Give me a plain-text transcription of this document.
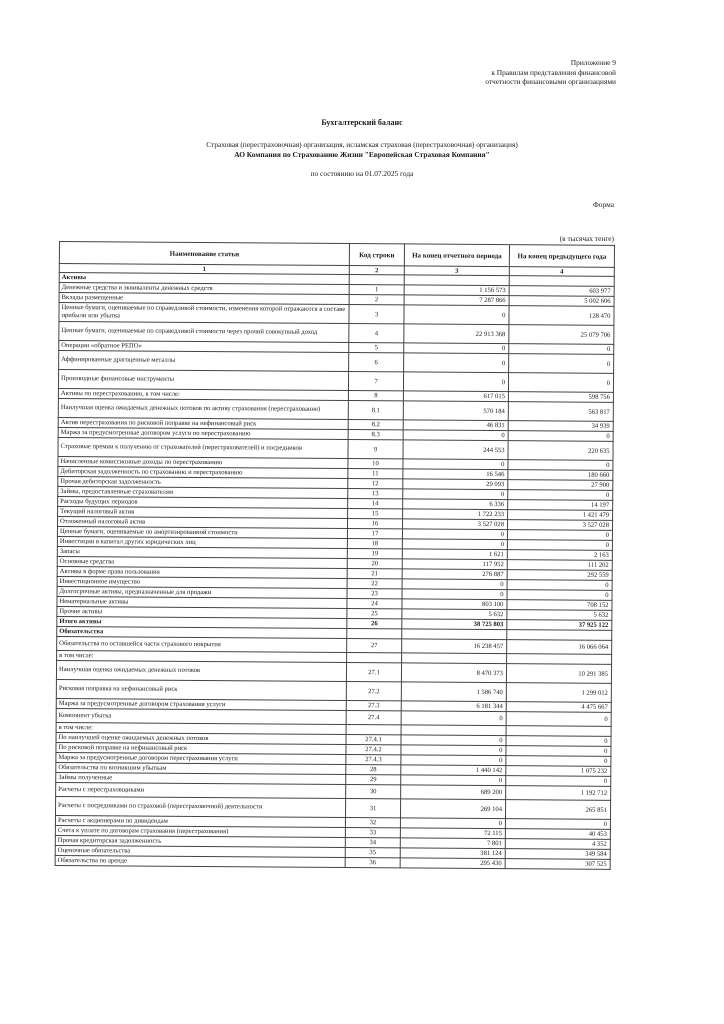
Приложение 9
к Правилам представления финансовой
отчетности финансовыми организациями
Бухгалтерский баланс
Страховая (перестраховочная) организация, исламская страховая (перестраховочная) организация)
АО Компания по Страхованию Жизни "Европейская Страховая Компания"
по состоянию на 01.07.2025 года
Форма
(в тысячах тенге)
Наименование статьи	Код строки	На конец отчетного периода	На конец предыдущего года
1	2	3	4
Активы			
Денежные средства и эквиваленты денежных средств	1	1 156 573	603 977
Вклады размещенные	2	7 287 866	5 002 606
Ценные бумаги, оцениваемые по справедливой стоимости, изменения которой отражаются в составе прибыли или убытка	3	0	128 470
Ценные бумаги, оцениваемые по справедливой стоимости через прочий совокупный доход	4	22 913 368	25 079 706
Операции «обратное РЕПО»	5	0	0
Аффинированные драгоценные металлы	6	0	0
Производные финансовые инструменты	7	0	0
Активы по перестрахованию, в том числе:	8	617 015	598 756
Наилучшая оценка ожидаемых денежных потоков по активу страхования (перестрахования)	8.1	570 184	563 817
Актив перестрахования по рисковой поправке на нефинансовый риск	8.2	46 831	34 939
Маржа за предусмотренные договором услуги по перестрахованию	8.3	0	0
Страховые премии к получению от страхователей (перестрахователей) и посредников	9	244 553	220 635
Начисленные комиссионные доходы по перестрахованию	10	0	0
Дебиторская задолженность по страхованию и перестрахованию	11	16 546	180 660
Прочая дебиторская задолженность	12	29 093	27 900
Займы, предоставленные страхователям	13	0	0
Расходы будущих периодов	14	6 336	14 197
Текущий налоговый актив	15	1 722 233	1 421 479
Отложенный налоговый актив	16	3 527 028	3 527 028
Ценные бумаги, оцениваемые по амортизированной стоимости	17	0	0
Инвестиции в капитал других юридических лиц	18	0	0
Запасы	19	1 621	2 163
Основные средства	20	117 952	111 202
Активы в форме права пользования	21	276 887	292 559
Инвестиционное имущество	22	0	0
Долгосрочные активы, предназначенные для продажи	23	0	0
Нематериальные активы	24	803 100	708 152
Прочие активы	25	5 632	5 632
Итого активы	26	38 725 803	37 925 122
Обязательства			
Обязательства по оставшейся части страхового покрытия	27	16 238 457	16 066 064
в том числе:			
Наилучшая оценка ожидаемых денежных потоков	27.1	8 470 373	10 291 385
Рисковая поправка на нефинансовый риск	27.2	1 586 740	1 299 012
Маржа за предусмотренные договором страхования услуги	27.3	6 181 344	4 475 667
Компонент убытка	27.4	0	0
в том числе:			
По наилучшей оценке ожидаемых денежных потоков	27.4.1	0	0
По рисковой поправке на нефинансовый риск	27.4.2	0	0
Маржа за предусмотренные договором перестрахования услуги	27.4.3	0	0
Обязательства по возникшим убыткам	28	1 440 142	1 075 232
Займы полученные	29	0	0
Расчеты с перестраховщиками	30	689 200	1 192 712
Расчеты с посредниками по страховой (перестраховочной) деятельности	31	269 104	265 851
Расчеты с акционерами по дивидендам	32	0	0
Счета к уплате по договорам страхования (перестрахования)	33	72 115	40 453
Прочая кредиторская задолженность	34	7 801	4 352
Оценочные обязательства	35	381 124	349 584
Обязательства по аренде	36	295 430	307 525
